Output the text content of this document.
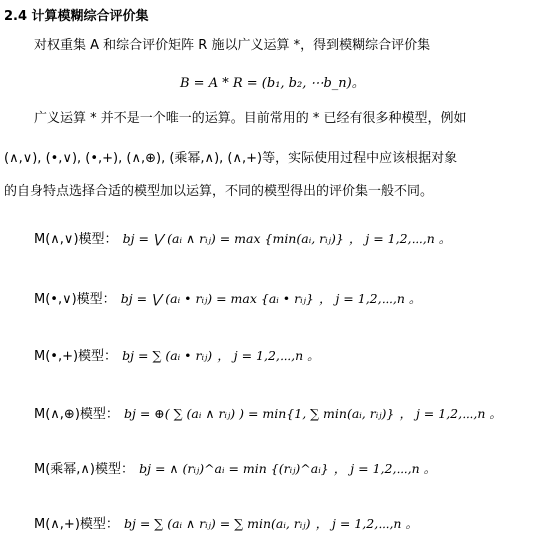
2.4 计算模糊综合评价集
对权重集 A 和综合评价矩阵 R 施以广义运算 *，得到模糊综合评价集
B = A * R = (b₁, b₂, ⋯b_n)。
广义运算 * 并不是一个唯一的运算。目前常用的 * 已经有很多种模型，例如
(∧,∨), (•,∨), (•,+), (∧,⊕), (乘幂,∧), (∧,+)等，实际使用过程中应该根据对象
的自身特点选择合适的模型加以运算，不同的模型得出的评价集一般不同。
M(∧,∨)模型： bj = ⋁ (aᵢ ∧ rᵢⱼ) = max {min(aᵢ, rᵢⱼ)} ， j = 1,2,⋯,n 。
M(•,∨)模型： bj = ⋁ (aᵢ • rᵢⱼ) = max {aᵢ • rᵢⱼ} ， j = 1,2,⋯,n 。
M(•,+)模型： bj = ∑ (aᵢ • rᵢⱼ) ， j = 1,2,⋯,n 。
M(∧,⊕)模型： bj = ⊕( ∑ (aᵢ ∧ rᵢⱼ) ) = min{1, ∑ min(aᵢ, rᵢⱼ)} ， j = 1,2,⋯,n 。
M(乘幂,∧)模型： bj = ∧ (rᵢⱼ)^aᵢ = min {(rᵢⱼ)^aᵢ} ， j = 1,2,⋯,n 。
M(∧,+)模型： bj = ∑ (aᵢ ∧ rᵢⱼ) = ∑ min(aᵢ, rᵢⱼ) ， j = 1,2,⋯,n 。
